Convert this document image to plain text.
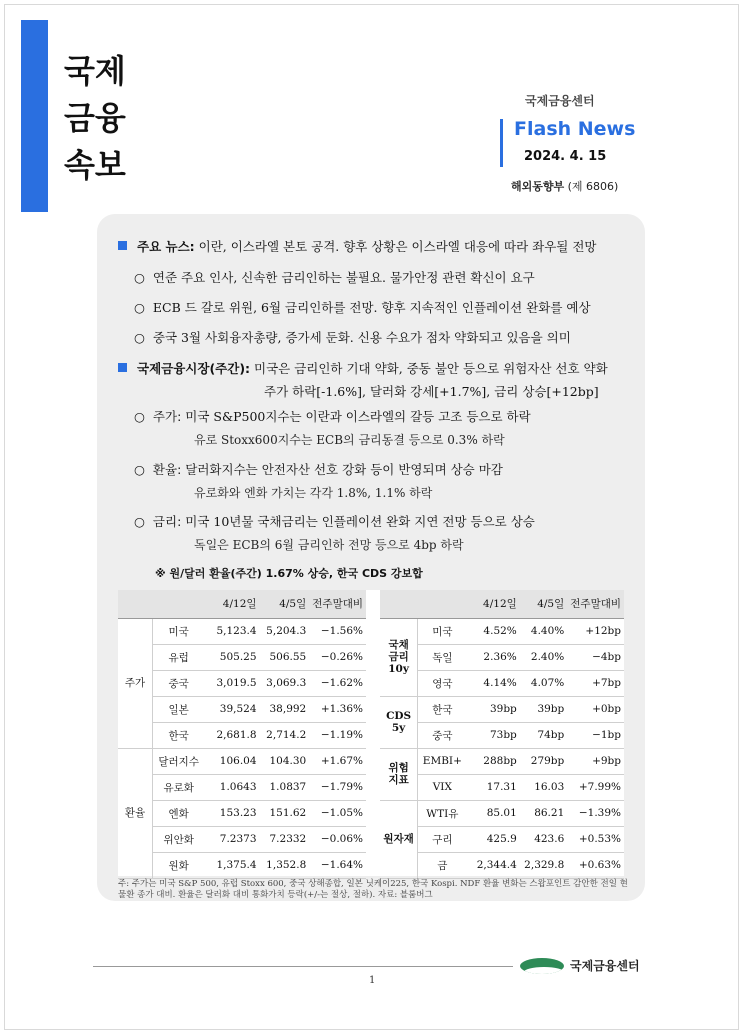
국제
금융
속보
국제금융센터
Flash News
2024. 4. 15
해외동향부 (제 6806)
주요 뉴스: 이란, 이스라엘 본토 공격. 향후 상황은 이스라엘 대응에 따라 좌우될 전망
○ 연준 주요 인사, 신속한 금리인하는 불필요. 물가안정 관련 확신이 요구
○ ECB 드 갈로 위원, 6월 금리인하를 전망. 향후 지속적인 인플레이션 완화를 예상
○ 중국 3월 사회융자총량, 증가세 둔화. 신용 수요가 점차 약화되고 있음을 의미
국제금융시장(주간): 미국은 금리인하 기대 약화, 중동 불안 등으로 위험자산 선호 약화
주가 하락[-1.6%], 달러화 강세[+1.7%], 금리 상승[+12bp]
○ 주가: 미국 S&P500지수는 이란과 이스라엘의 갈등 고조 등으로 하락
유로 Stoxx600지수는 ECB의 금리동결 등으로 0.3% 하락
○ 환율: 달러화지수는 안전자산 선호 강화 등이 반영되며 상승 마감
유로화와 엔화 가치는 각각 1.8%, 1.1% 하락
○ 금리: 미국 10년물 국채금리는 인플레이션 완화 지연 전망 등으로 상승
독일은 ECB의 6월 금리인하 전망 등으로 4bp 하락
※ 원/달러 환율(주간) 1.67% 상승, 한국 CDS 강보합
		4/12일	4/5일	전주말대비
주가	미국	5,123.4	5,204.3	−1.56%
	유럽	505.25	506.55	−0.26%
	중국	3,019.5	3,069.3	−1.62%
	일본	39,524	38,992	+1.36%
	한국	2,681.8	2,714.2	−1.19%
환율	달러지수	106.04	104.30	+1.67%
	유로화	1.0643	1.0837	−1.79%
	엔화	153.23	151.62	−1.05%
	위안화	7.2373	7.2332	−0.06%
	원화	1,375.4	1,352.8	−1.64%
		4/12일	4/5일	전주말대비
국채
금리
10y	미국	4.52%	4.40%	+12bp
	독일	2.36%	2.40%	−4bp
	영국	4.14%	4.07%	+7bp
CDS
5y	한국	39bp	39bp	+0bp
	중국	73bp	74bp	−1bp
위험
지표	EMBI+	288bp	279bp	+9bp
	VIX	17.31	16.03	+7.99%
원자재	WTI유	85.01	86.21	−1.39%
	구리	425.9	423.6	+0.53%
	금	2,344.4	2,329.8	+0.63%
주: 주가는 미국 S&P 500, 유럽 Stoxx 600, 중국 상해종합, 일본 닛케이225, 한국 Kospi. NDF 환율 변화는 스왑포인트 감안한 전일 현물환 종가 대비. 환율은 달러화 대비 통화가치 등락(+/-는 절상, 절하). 자료: 블룸버그
1
국제금융센터
